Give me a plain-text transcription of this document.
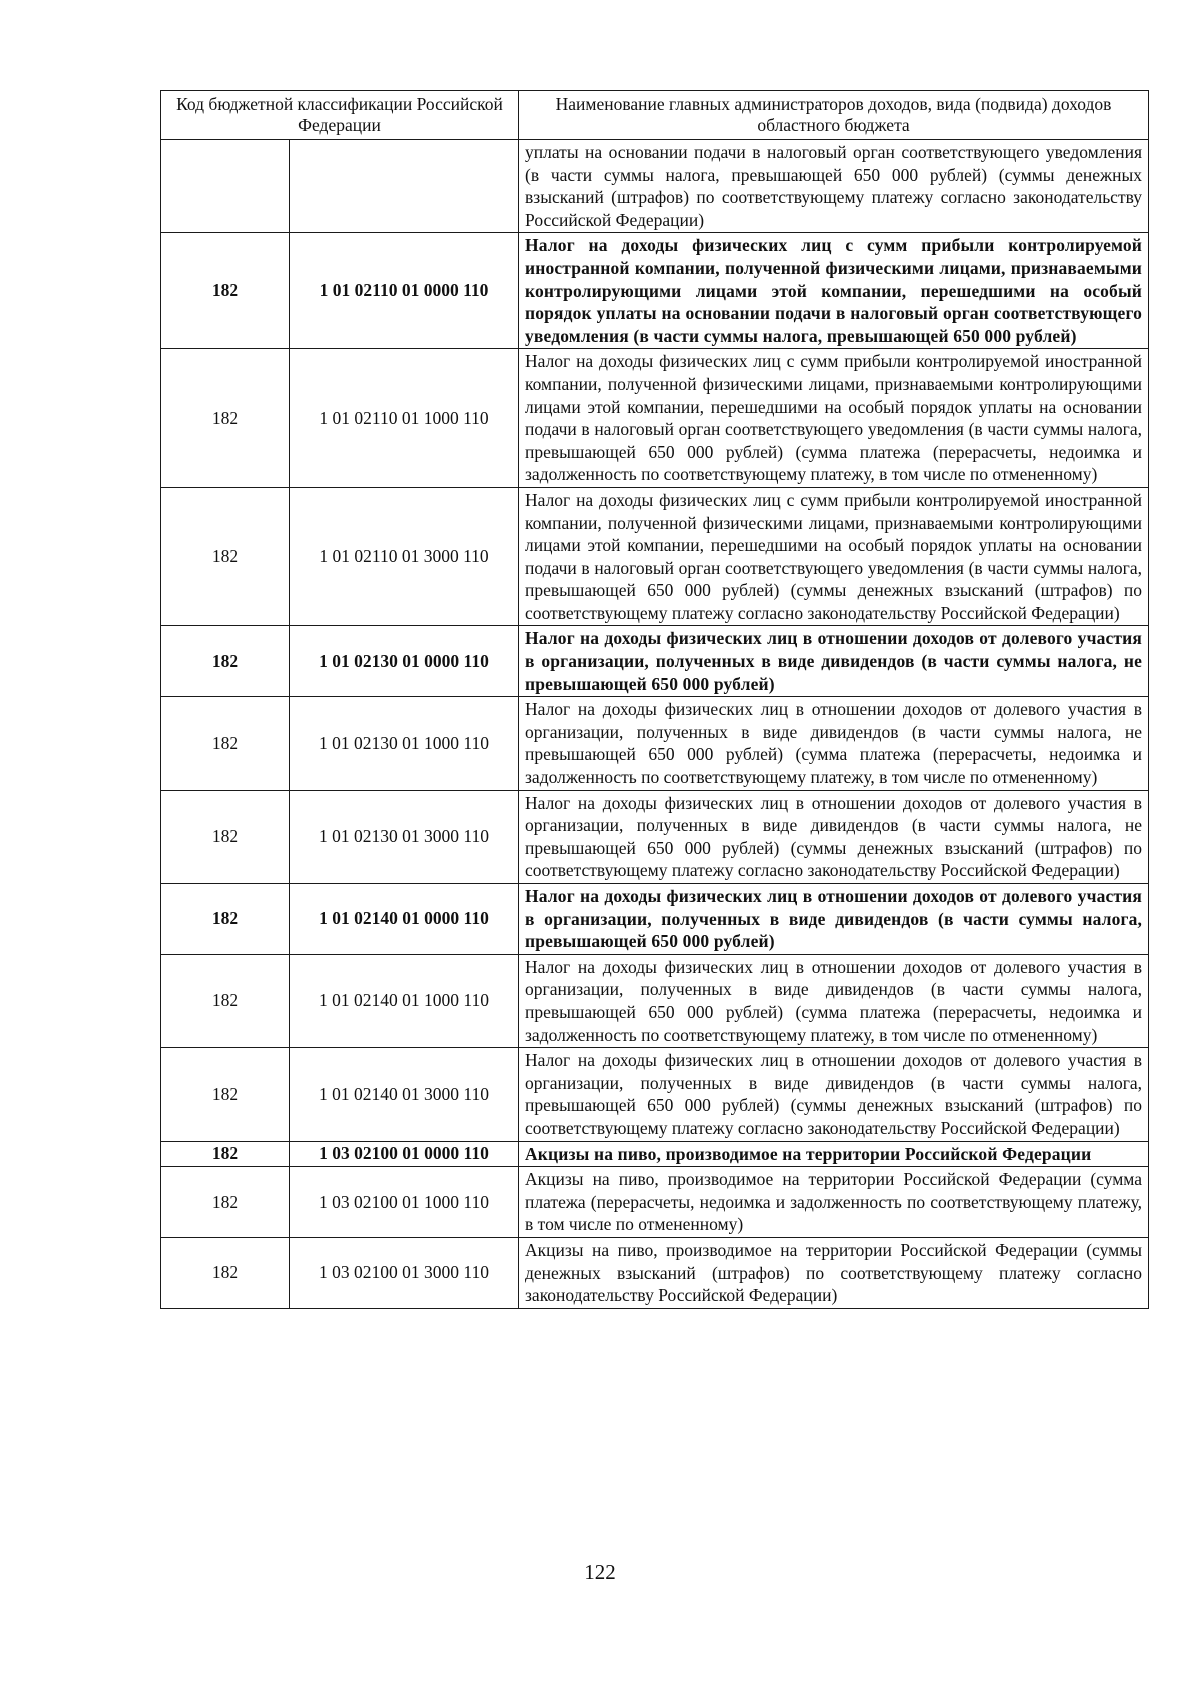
Код бюджетной классификации Российской Федерации		Наименование главных администраторов доходов, вида (подвида) доходов областного бюджета
		уплаты на основании подачи в налоговый орган соответствующего уведомления (в части суммы налога, превышающей 650 000 рублей) (суммы денежных взысканий (штрафов) по соответствующему платежу согласно законодательству Российской Федерации)
182	1 01 02110 01 0000 110	Налог на доходы физических лиц с сумм прибыли контролируемой иностранной компании, полученной физическими лицами, признаваемыми контролирующими лицами этой компании, перешедшими на особый порядок уплаты на основании подачи в налоговый орган соответствующего уведомления (в части суммы налога, превышающей 650 000 рублей)
182	1 01 02110 01 1000 110	Налог на доходы физических лиц с сумм прибыли контролируемой иностранной компании, полученной физическими лицами, признаваемыми контролирующими лицами этой компании, перешедшими на особый порядок уплаты на основании подачи в налоговый орган соответствующего уведомления (в части суммы налога, превышающей 650 000 рублей) (сумма платежа (перерасчеты, недоимка и задолженность по соответствующему платежу, в том числе по отмененному)
182	1 01 02110 01 3000 110	Налог на доходы физических лиц с сумм прибыли контролируемой иностранной компании, полученной физическими лицами, признаваемыми контролирующими лицами этой компании, перешедшими на особый порядок уплаты на основании подачи в налоговый орган соответствующего уведомления (в части суммы налога, превышающей 650 000 рублей) (суммы денежных взысканий (штрафов) по соответствующему платежу согласно законодательству Российской Федерации)
182	1 01 02130 01 0000 110	Налог на доходы физических лиц в отношении доходов от долевого участия в организации, полученных в виде дивидендов (в части суммы налога, не превышающей 650 000 рублей)
182	1 01 02130 01 1000 110	Налог на доходы физических лиц в отношении доходов от долевого участия в организации, полученных в виде дивидендов (в части суммы налога, не превышающей 650 000 рублей) (сумма платежа (перерасчеты, недоимка и задолженность по соответствующему платежу, в том числе по отмененному)
182	1 01 02130 01 3000 110	Налог на доходы физических лиц в отношении доходов от долевого участия в организации, полученных в виде дивидендов (в части суммы налога, не превышающей 650 000 рублей) (суммы денежных взысканий (штрафов) по соответствующему платежу согласно законодательству Российской Федерации)
182	1 01 02140 01 0000 110	Налог на доходы физических лиц в отношении доходов от долевого участия в организации, полученных в виде дивидендов (в части суммы налога, превышающей 650 000 рублей)
182	1 01 02140 01 1000 110	Налог на доходы физических лиц в отношении доходов от долевого участия в организации, полученных в виде дивидендов (в части суммы налога, превышающей 650 000 рублей) (сумма платежа (перерасчеты, недоимка и задолженность по соответствующему платежу, в том числе по отмененному)
182	1 01 02140 01 3000 110	Налог на доходы физических лиц в отношении доходов от долевого участия в организации, полученных в виде дивидендов (в части суммы налога, превышающей 650 000 рублей) (суммы денежных взысканий (штрафов) по соответствующему платежу согласно законодательству Российской Федерации)
182	1 03 02100 01 0000 110	Акцизы на пиво, производимое на территории Российской Федерации
182	1 03 02100 01 1000 110	Акцизы на пиво, производимое на территории Российской Федерации (сумма платежа (перерасчеты, недоимка и задолженность по соответствующему платежу, в том числе по отмененному)
182	1 03 02100 01 3000 110	Акцизы на пиво, производимое на территории Российской Федерации (суммы денежных взысканий (штрафов) по соответствующему платежу согласно законодательству Российской Федерации)
122
